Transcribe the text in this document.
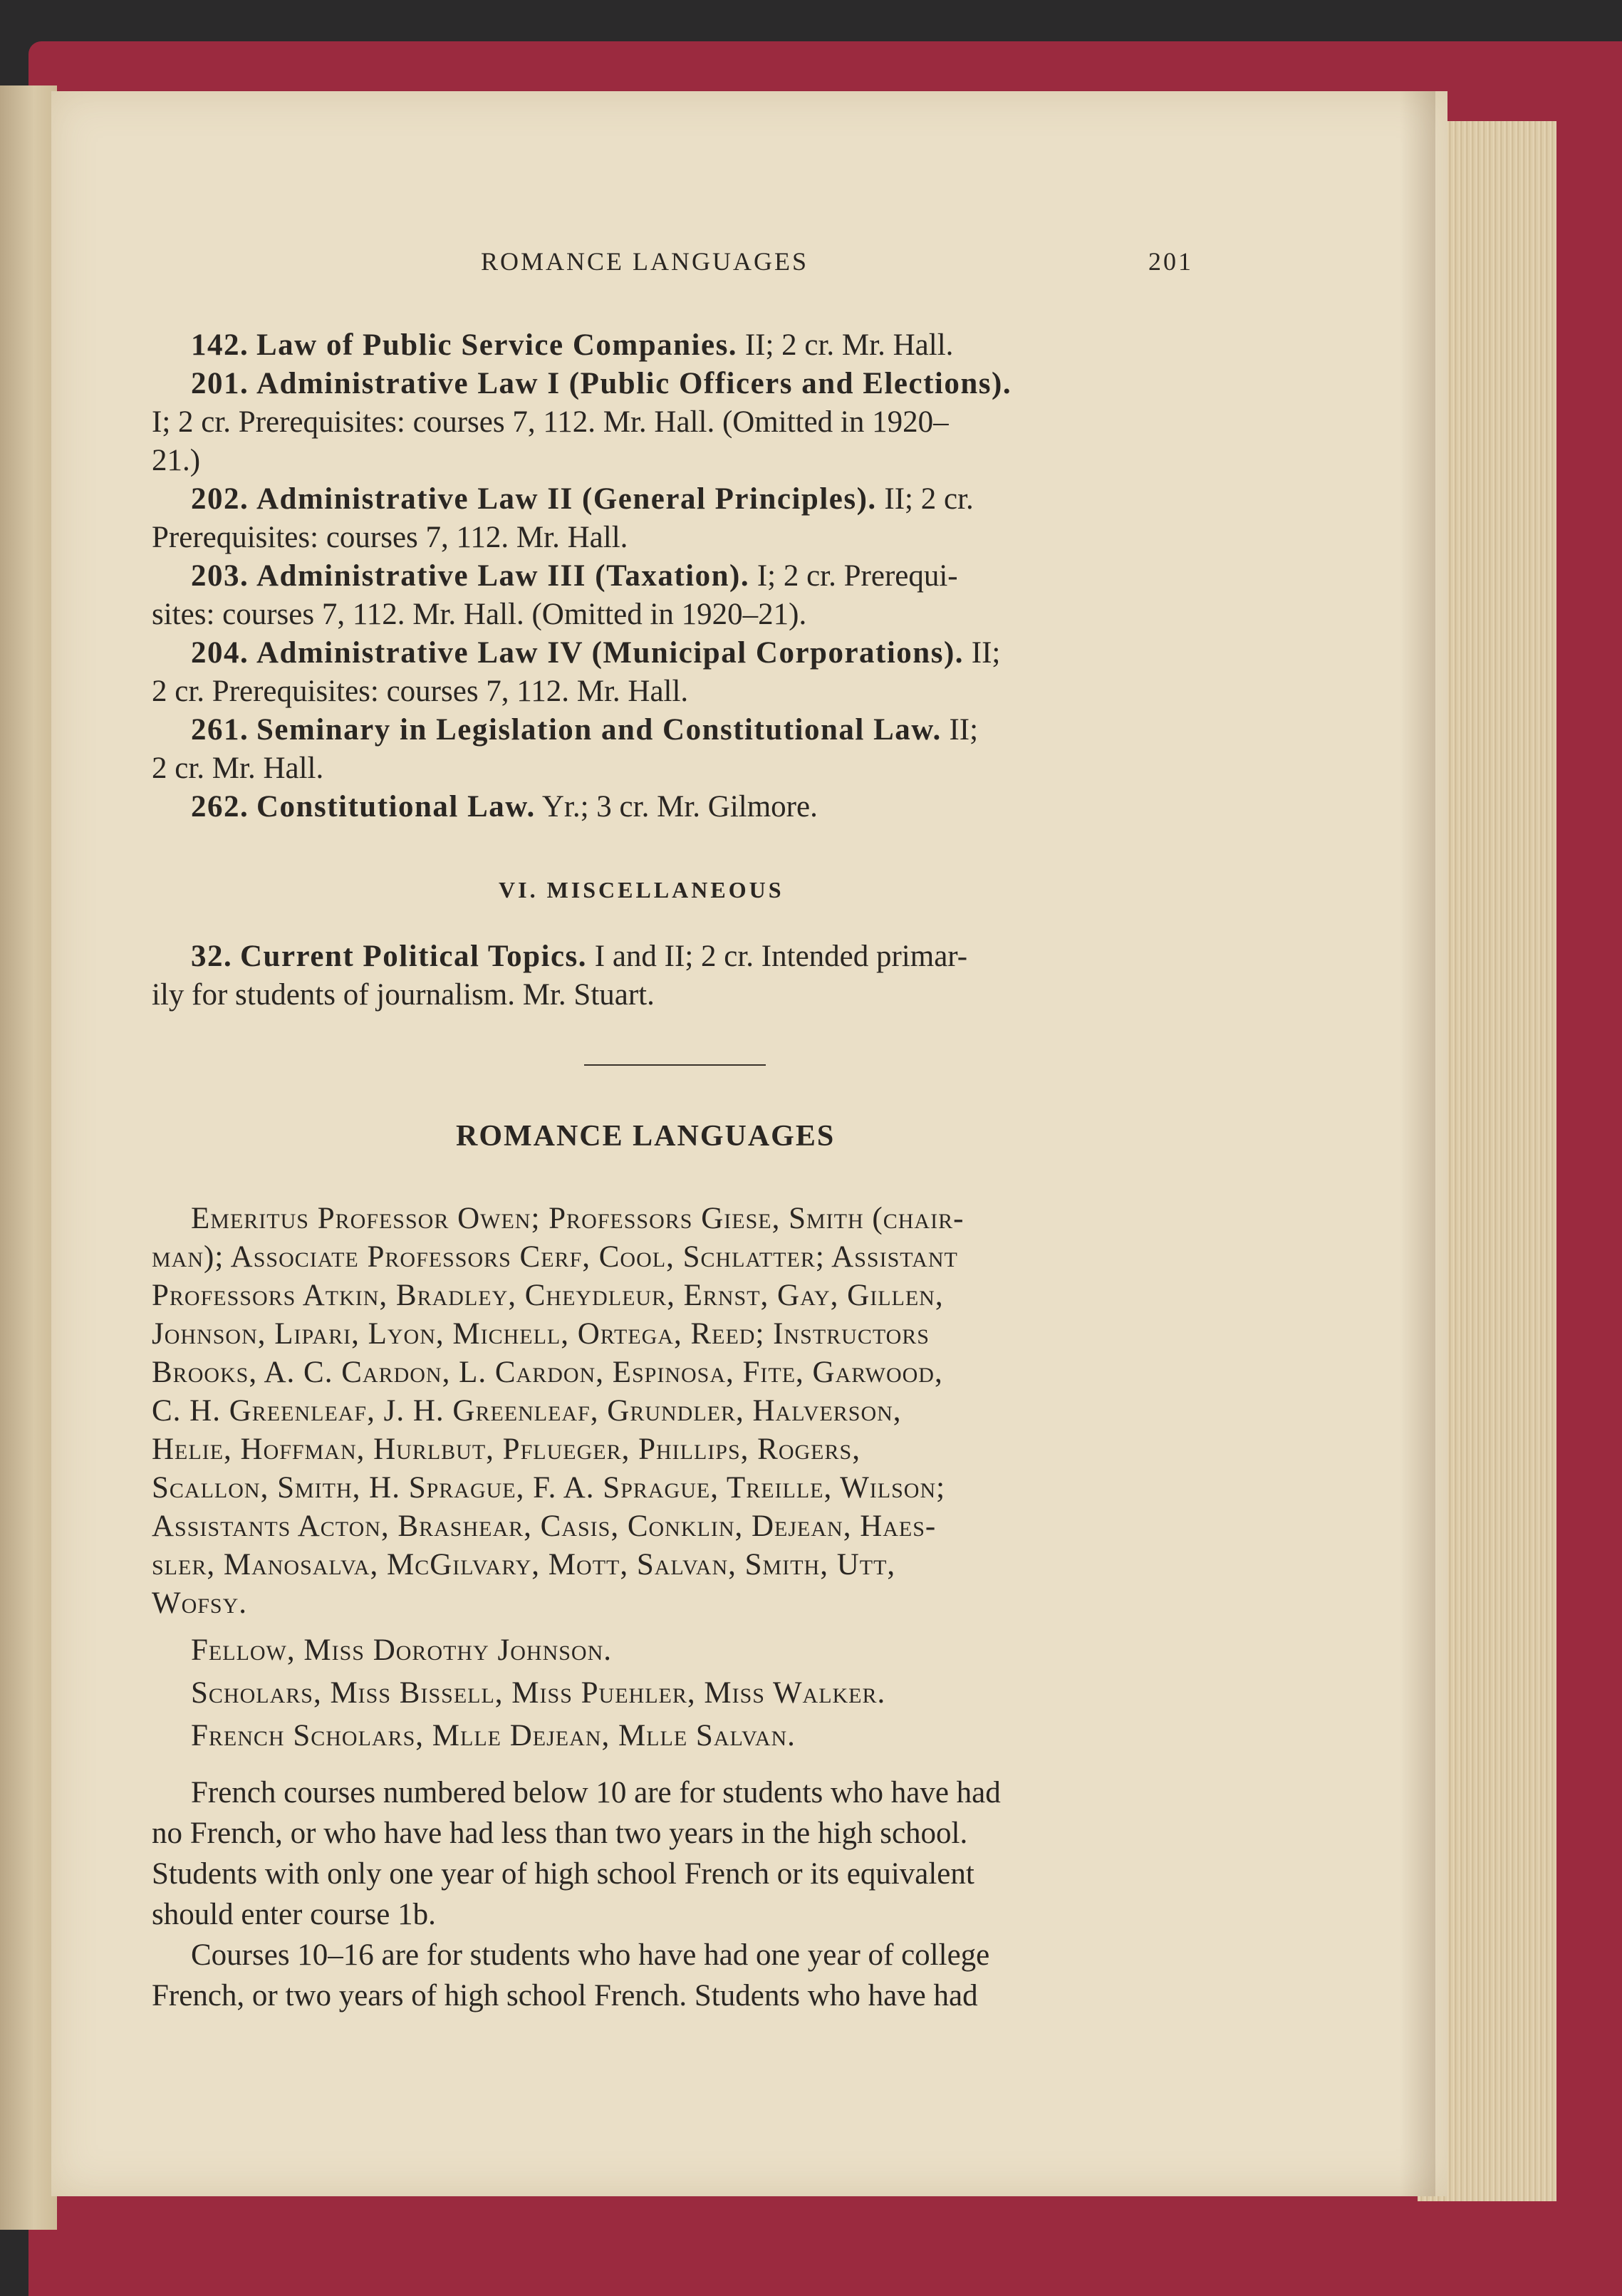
ROMANCE LANGUAGES	201
142. Law of Public Service Companies. II; 2 cr. Mr. Hall.
201. Administrative Law I (Public Officers and Elections).
I; 2 cr. Prerequisites: courses 7, 112. Mr. Hall. (Omitted in 1920–
21.)
202. Administrative Law II (General Principles). II; 2 cr.
Prerequisites: courses 7, 112. Mr. Hall.
203. Administrative Law III (Taxation). I; 2 cr. Prerequi-
sites: courses 7, 112. Mr. Hall. (Omitted in 1920–21).
204. Administrative Law IV (Municipal Corporations). II;
2 cr. Prerequisites: courses 7, 112. Mr. Hall.
261. Seminary in Legislation and Constitutional Law. II;
2 cr. Mr. Hall.
262. Constitutional Law. Yr.; 3 cr. Mr. Gilmore.
VI. MISCELLANEOUS
32. Current Political Topics. I and II; 2 cr. Intended primar-
ily for students of journalism. Mr. Stuart.
ROMANCE LANGUAGES
Emeritus Professor Owen; Professors Giese, Smith (chair-
man); Associate Professors Cerf, Cool, Schlatter; Assistant
Professors Atkin, Bradley, Cheydleur, Ernst, Gay, Gillen,
Johnson, Lipari, Lyon, Michell, Ortega, Reed; Instructors
Brooks, A. C. Cardon, L. Cardon, Espinosa, Fite, Garwood,
C. H. Greenleaf, J. H. Greenleaf, Grundler, Halverson,
Helie, Hoffman, Hurlbut, Pflueger, Phillips, Rogers,
Scallon, Smith, H. Sprague, F. A. Sprague, Treille, Wilson;
Assistants Acton, Brashear, Casis, Conklin, Dejean, Haes-
sler, Manosalva, McGilvary, Mott, Salvan, Smith, Utt,
Wofsy.
Fellow, Miss Dorothy Johnson.
Scholars, Miss Bissell, Miss Puehler, Miss Walker.
French Scholars, Mlle Dejean, Mlle Salvan.
French courses numbered below 10 are for students who have had
no French, or who have had less than two years in the high school.
Students with only one year of high school French or its equivalent
should enter course 1b.
Courses 10–16 are for students who have had one year of college
French, or two years of high school French. Students who have had
